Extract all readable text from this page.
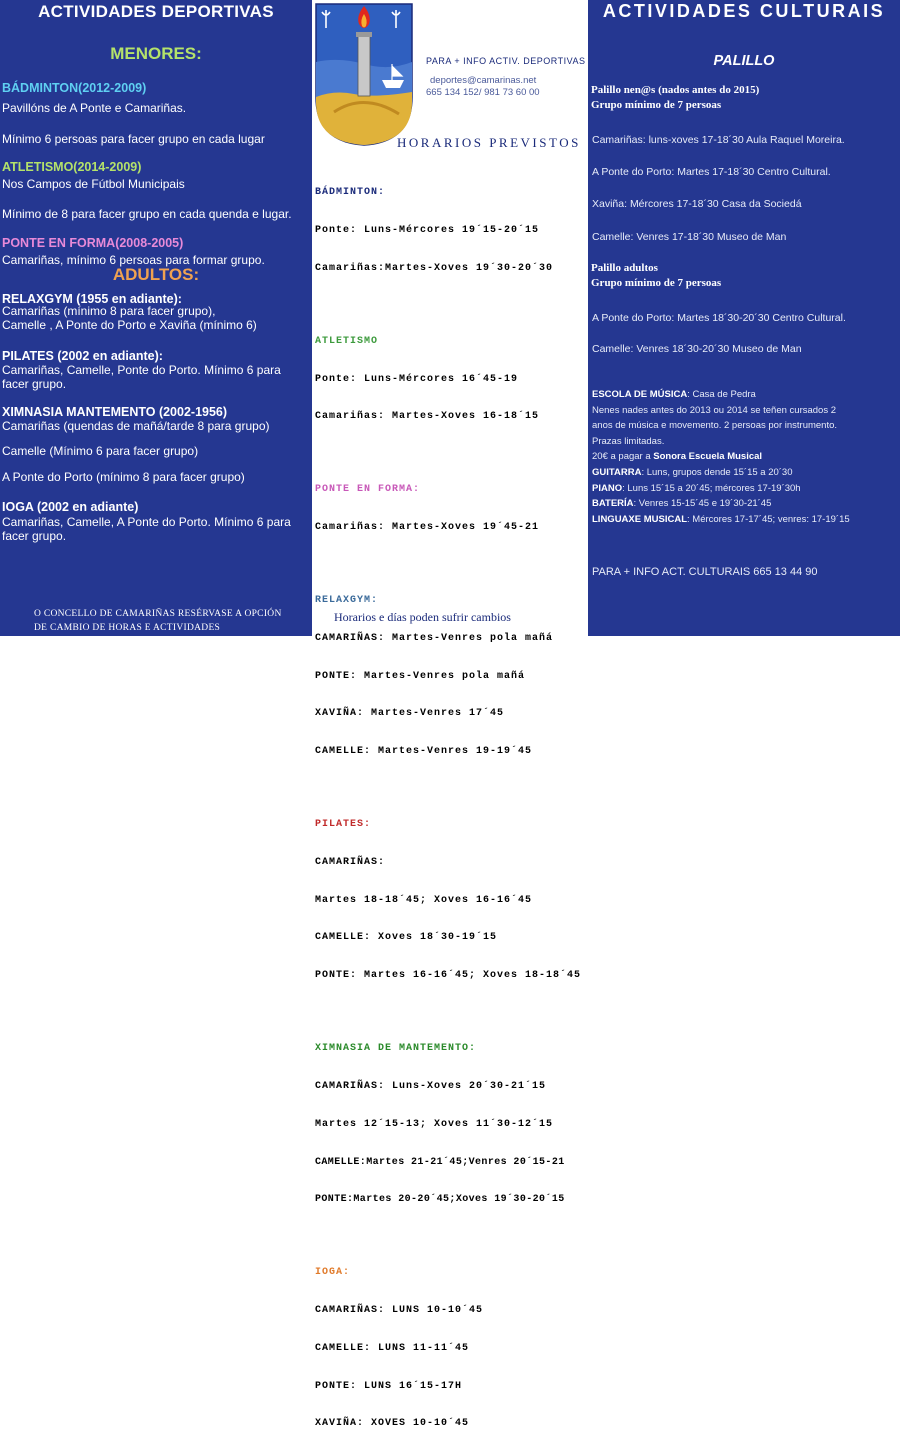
ACTIVIDADES DEPORTIVAS
MENORES:
BÁDMINTON(2012-2009)
Pavillóns de A Ponte e Camariñas.
Mínimo 6 persoas para facer grupo en cada lugar
ATLETISMO(2014-2009)
Nos Campos de Fútbol Municipais
Mínimo de 8 para facer grupo en cada quenda e lugar.
PONTE EN FORMA(2008-2005)
Camariñas, mínimo 6 persoas para formar grupo.
ADULTOS:
RELAXGYM (1955 en adiante):
Camariñas (mínimo 8 para facer grupo),
Camelle , A Ponte do Porto e Xaviña (mínimo 6)
PILATES (2002 en adiante):
Camariñas, Camelle, Ponte do Porto. Mínimo 6 para facer grupo.
XIMNASIA MANTEMENTO (2002-1956)
Camariñas (quendas de mañá/tarde 8 para grupo)
Camelle (Mínimo 6 para facer grupo)
A Ponte do Porto (mínimo 8 para facer grupo)
IOGA (2002 en adiante)
Camariñas, Camelle, A Ponte do Porto. Mínimo 6 para facer grupo.
O CONCELLO DE CAMARIÑAS RESÉRVASE A OPCIÓN
DE CAMBIO DE HORAS E ACTIVIDADES
PARA + INFO ACTIV. DEPORTIVAS
deportes@camarinas.net
665 134 152/ 981 73 60 00
HORARIOS PREVISTOS

BÁDMINTON:

Ponte: Luns-Mércores 19´15-20´15

Camariñas:Martes-Xoves 19´30-20´30

ATLETISMO

Ponte: Luns-Mércores 16´45-19

Camariñas: Martes-Xoves 16-18´15

PONTE EN FORMA:

Camariñas: Martes-Xoves 19´45-21

RELAXGYM:

CAMARIÑAS: Martes-Venres pola mañá

PONTE: Martes-Venres pola mañá

XAVIÑA: Martes-Venres 17´45

CAMELLE: Martes-Venres 19-19´45

PILATES:

CAMARIÑAS:

Martes 18-18´45; Xoves 16-16´45

CAMELLE: Xoves 18´30-19´15

PONTE: Martes 16-16´45; Xoves 18-18´45

XIMNASIA DE MANTEMENTO:

CAMARIÑAS: Luns-Xoves 20´30-21´15

Martes 12´15-13; Xoves 11´30-12´15

CAMELLE:Martes 21-21´45;Venres 20´15-21

PONTE:Martes 20-20´45;Xoves 19´30-20´15

IOGA:

CAMARIÑAS: LUNS 10-10´45

CAMELLE: LUNS 11-11´45

PONTE: LUNS 16´15-17H

XAVIÑA: XOVES 10-10´45

Horarios e días poden sufrir cambios
ACTIVIDADES CULTURAIS
PALILLO
Palillo nen@s (nados antes do 2015)
Grupo mínimo de 7 persoas
Camariñas: luns-xoves 17-18´30 Aula Raquel Moreira.
A Ponte do Porto: Martes 17-18´30 Centro Cultural.
Xaviña: Mércores 17-18´30 Casa da Sociedá
Camelle: Venres 17-18´30 Museo de Man
Palillo adultos
Grupo mínimo de 7 persoas
A Ponte do Porto: Martes 18´30-20´30 Centro Cultural.
Camelle: Venres 18´30-20´30 Museo de Man
ESCOLA DE MÚSICA: Casa de Pedra
Nenes nades antes do 2013 ou 2014 se teñen cursados 2
anos de música e movemento. 2 persoas por instrumento.
Prazas limitadas.
20€ a pagar a Sonora Escuela Musical
GUITARRA: Luns, grupos dende 15´15 a 20´30
PIANO: Luns 15´15 a 20´45; mércores 17-19´30h
BATERÍA: Venres 15-15´45 e 19´30-21´45
LINGUAXE MUSICAL: Mércores 17-17´45; venres: 17-19´15
PARA + INFO ACT. CULTURAIS 665 13 44 90
